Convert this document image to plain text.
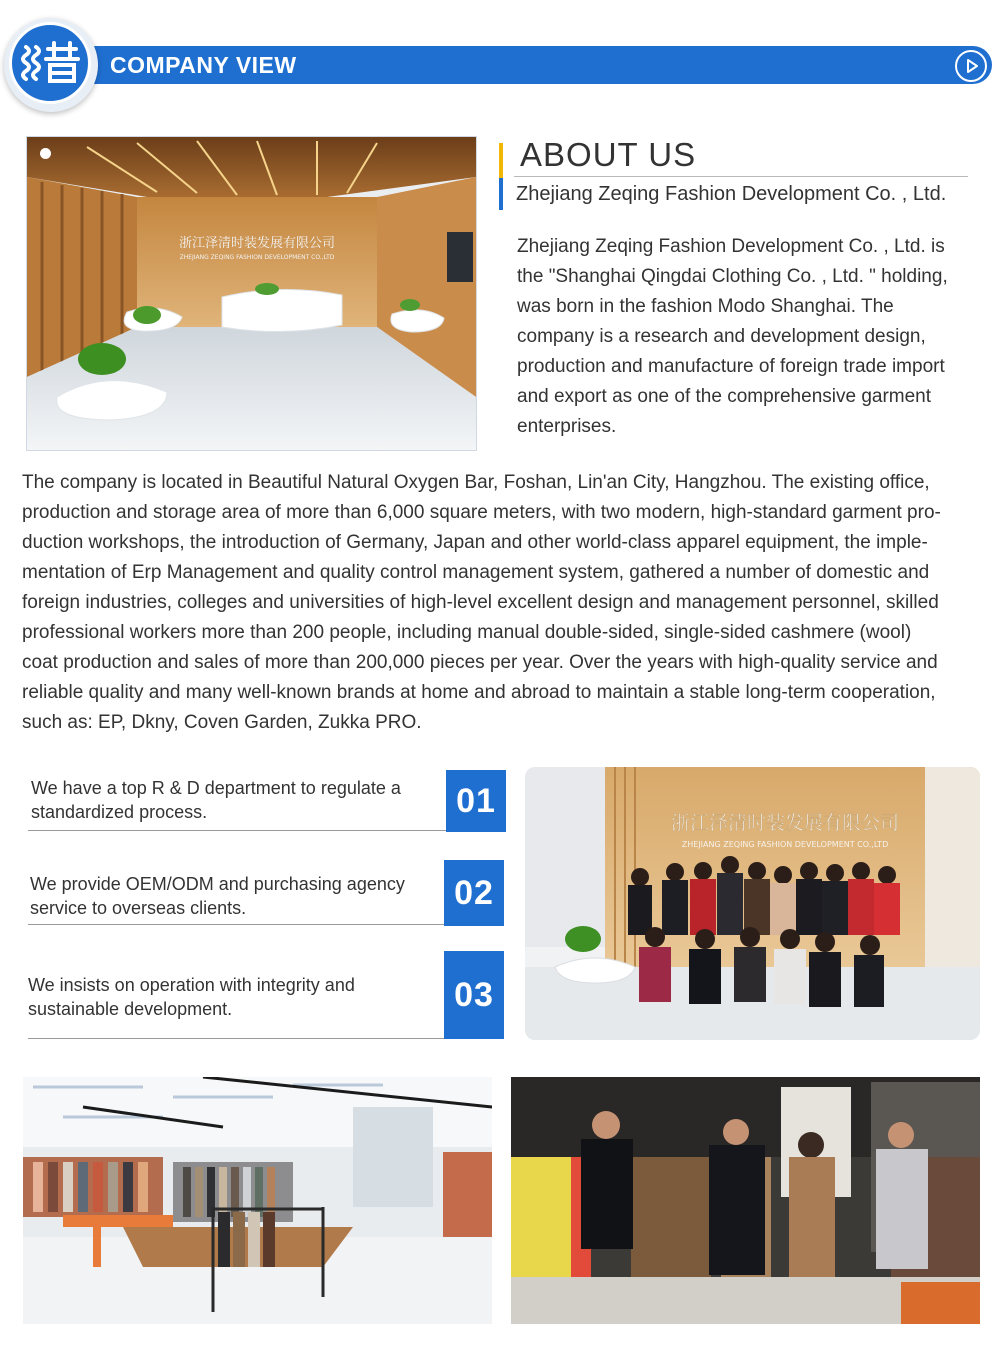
COMPANY VIEW
浙江泽清时装发展有限公司
ZHEJIANG ZEQING FASHION DEVELOPMENT CO.,LTD
ABOUT US
Zhejiang Zeqing Fashion Development Co. , Ltd.
Zhejiang Zeqing Fashion Development Co. , Ltd. is
the "Shanghai Qingdai Clothing Co. , Ltd. " holding,
was born in the fashion Modo Shanghai. The
company is a research and development design,
production and manufacture of foreign trade import
and export as one of the comprehensive garment
enterprises.
The company is located in Beautiful Natural Oxygen Bar, Foshan, Lin'an City, Hangzhou. The existing office,
production and storage area of more than 6,000 square meters, with two modern, high-standard garment pro-
duction workshops, the introduction of Germany, Japan and other world-class apparel equipment, the imple-
mentation of Erp Management and quality control management system, gathered a number of domestic and
foreign industries, colleges and universities of high-level excellent design and management personnel, skilled
professional workers more than 200 people, including manual double-sided, single-sided cashmere (wool)
coat production and sales of more than 200,000 pieces per year. Over the years with high-quality service and
reliable quality and many well-known brands at home and abroad to maintain a stable long-term cooperation,
such as: EP, Dkny, Coven Garden, Zukka PRO.
We have a top R & D department to regulate a
standardized process.	01
We provide OEM/ODM and purchasing agency
service to overseas clients.	02
We insists on operation with integrity and
sustainable development.	03
浙江泽清时装发展有限公司
ZHEJIANG ZEQING FASHION DEVELOPMENT CO.,LTD
